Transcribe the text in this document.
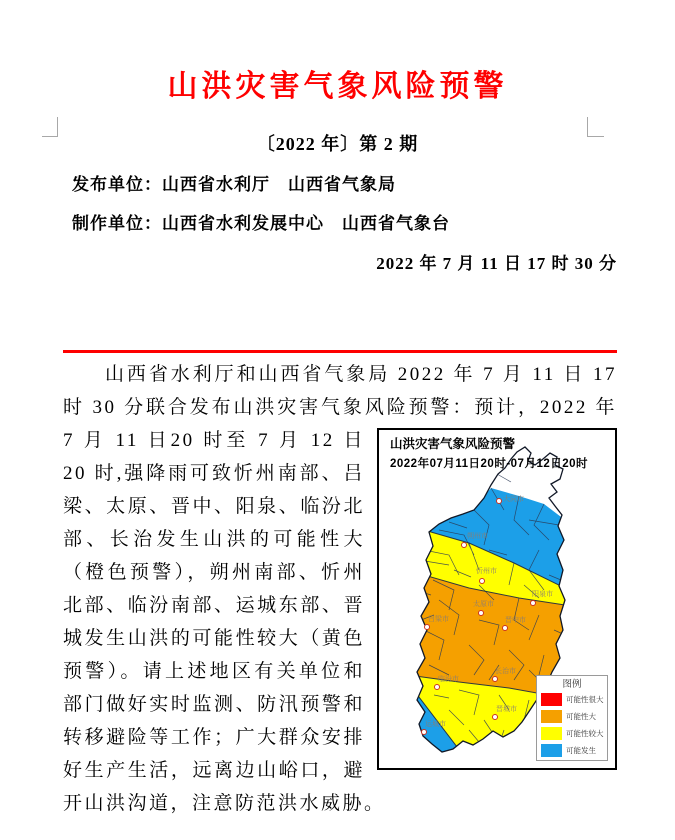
山洪灾害气象风险预警
〔2022 年〕第 2 期
发布单位：山西省水利厅　山西省气象局
制作单位：山西省水利发展中心　山西省气象台
2022 年 7 月 11 日 17 时 30 分

山西省水利厅和山西省气象局 2022 年 7 月 11 日 17 时 30 分联合发布山洪灾害气象风险预警：预计，2022 年 7 月 11 日	山洪灾害气象风险预警
2022年07月11日20时-07月12日20时
大同市
朔州市
忻州市
阳泉市
太原市
吕梁市	晋中市
长治市
临汾市
晋城市
运城市
图例
可能性很大
可能性大
可能性较大
可能发生
20 时至 7 月 12 日 20 时,强降雨可致忻州南部、吕梁、太原、晋中、阳泉、临汾北部、长治发生山洪的可能性大（橙色预警），朔州南部、忻州北部、临汾南部、运城东部、晋城发生山洪的可能性较大（黄色预警）。请上述地区有关单位和部门做好实时监测、防汛预警和转移避险等工作；广大群众安排好生产生活，远离边山峪口，避开山洪沟道，注意防范洪水威胁。
